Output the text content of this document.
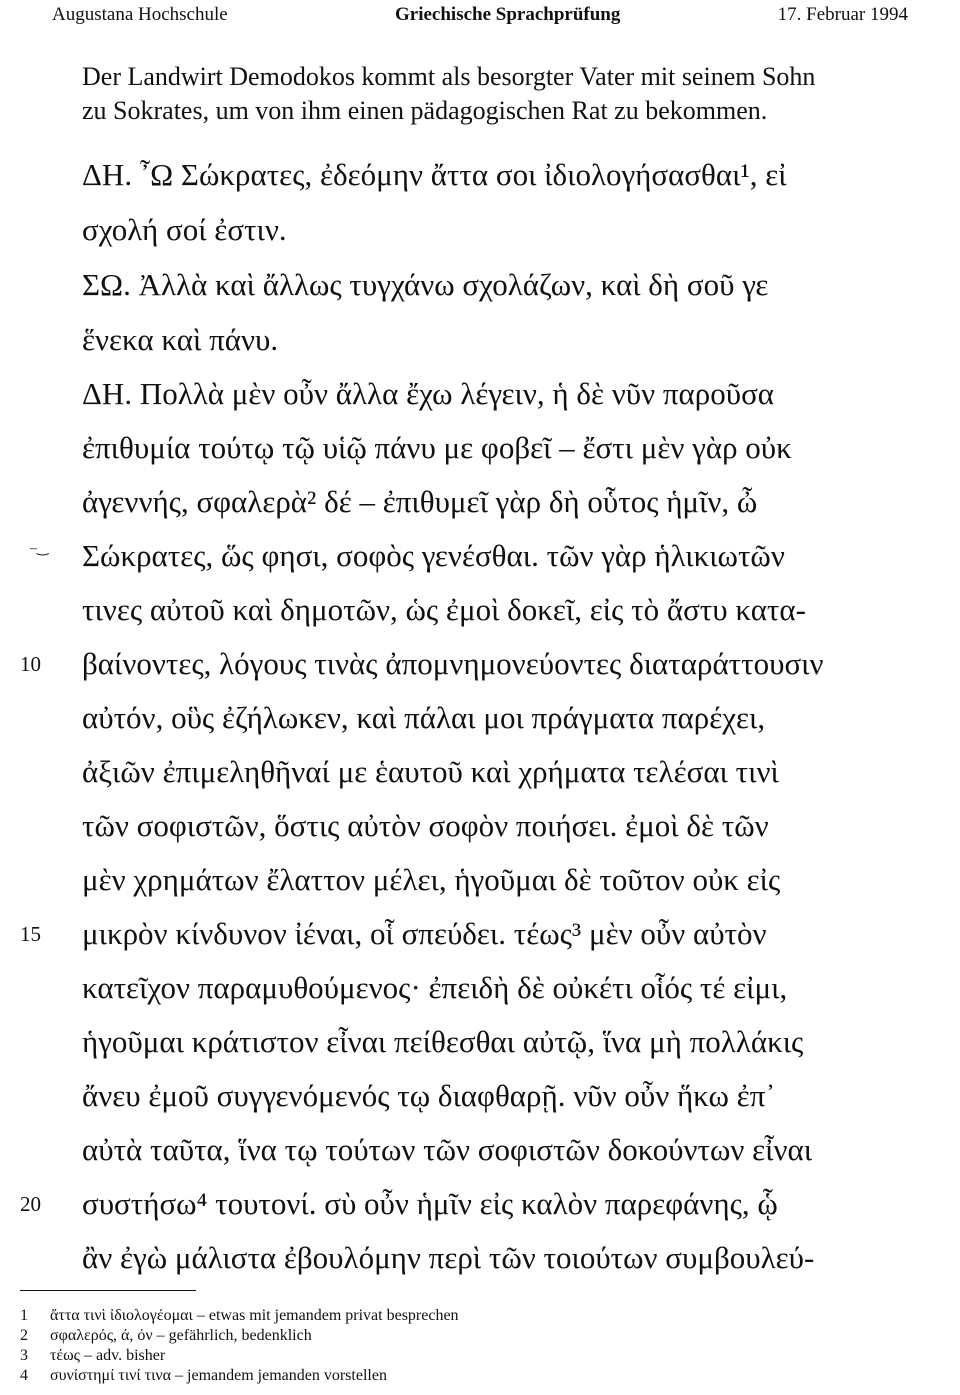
Augustana Hochschule	Griechische Sprachprüfung	17. Februar 1994
Der Landwirt Demodokos kommt als besorgter Vater mit seinem Sohn
zu Sokrates, um von ihm einen pädagogischen Rat zu bekommen.
ΔΗ. ῏Ω Σώκρατες, ἐδεόμην ἄττα σοι ἰδιολογήσασθαι¹, εἰ
σχολή σοί ἐστιν.
ΣΩ. Ἀλλὰ καὶ ἄλλως τυγχάνω σχολάζων, καὶ δὴ σοῦ γε
ἕνεκα καὶ πάνυ.
ΔΗ. Πολλὰ μὲν οὖν ἄλλα ἔχω λέγειν, ἡ δὲ νῦν παροῦσα
ἐπιθυμία τούτῳ τῷ υἱῷ πάνυ με φοβεῖ – ἔστι μὲν γὰρ οὐκ
ἀγεννής, σφαλερὰ² δέ – ἐπιθυμεῖ γὰρ δὴ οὗτος ἡμῖν, ὦ
Σώκρατες, ὥς φησι, σοφὸς γενέσθαι. τῶν γὰρ ἡλικιωτῶν
τινες αὐτοῦ καὶ δημοτῶν, ὡς ἐμοὶ δοκεῖ, εἰς τὸ ἄστυ κατα-
βαίνοντες, λόγους τινὰς ἀπομνημονεύοντες διαταράττουσιν
αὐτόν, οὓς ἐζήλωκεν, καὶ πάλαι μοι πράγματα παρέχει,
ἀξιῶν ἐπιμεληθῆναί με ἑαυτοῦ καὶ χρήματα τελέσαι τινὶ
τῶν σοφιστῶν, ὅστις αὐτὸν σοφὸν ποιήσει. ἐμοὶ δὲ τῶν
μὲν χρημάτων ἔλαττον μέλει, ἡγοῦμαι δὲ τοῦτον οὐκ εἰς
μικρὸν κίνδυνον ἰέναι, οἷ σπεύδει. τέως³ μὲν οὖν αὐτὸν
κατεῖχον παραμυθούμενος· ἐπειδὴ δὲ οὐκέτι οἷός τέ εἰμι,
ἡγοῦμαι κράτιστον εἶναι πείθεσθαι αὐτῷ, ἵνα μὴ πολλάκις
ἄνευ ἐμοῦ συγγενόμενός τῳ διαφθαρῇ. νῦν οὖν ἥκω ἐπ᾽
αὐτὰ ταῦτα, ἵνα τῳ τούτων τῶν σοφιστῶν δοκούντων εἶναι
συστήσω⁴ τουτονί. σὺ οὖν ἡμῖν εἰς καλὸν παρεφάνης, ᾧ
ἂν ἐγὼ μάλιστα ἐβουλόμην περὶ τῶν τοιούτων συμβουλεύ-
10
15
20
–‿
1 ἄττα τινὶ ἰδιολογέομαι – etwas mit jemandem privat besprechen
2 σφαλερός, ά, όν – gefährlich, bedenklich
3 τέως – adv. bisher
4 συνίστημί τινί τινα – jemandem jemanden vorstellen
